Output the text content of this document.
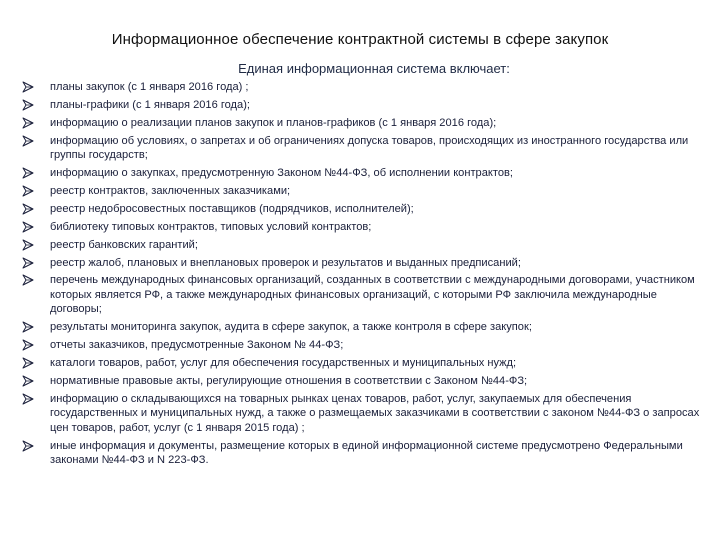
Информационное обеспечение контрактной системы в сфере закупок
Единая информационная система включает:
планы закупок (с 1 января 2016 года) ;
планы-графики (с 1 января 2016 года);
информацию о реализации планов закупок и планов-графиков (с 1 января 2016 года);
информацию об условиях, о запретах и об ограничениях допуска товаров, происходящих из иностранного государства или группы государств;
информацию о закупках, предусмотренную Законом №44-ФЗ, об исполнении контрактов;
реестр контрактов, заключенных заказчиками;
реестр недобросовестных поставщиков (подрядчиков, исполнителей);
библиотеку типовых контрактов, типовых условий контрактов;
реестр банковских гарантий;
реестр жалоб, плановых и внеплановых проверок и результатов и выданных предписаний;
перечень международных финансовых организаций, созданных в соответствии с международными договорами, участником которых является РФ, а также международных финансовых организаций, с которыми РФ заключила международные договоры;
результаты мониторинга закупок, аудита в сфере закупок, а также контроля в сфере закупок;
отчеты заказчиков, предусмотренные Законом № 44-ФЗ;
каталоги товаров, работ, услуг для обеспечения государственных и муниципальных нужд;
нормативные правовые акты, регулирующие отношения в соответствии с Законом №44-ФЗ;
информацию о складывающихся на товарных рынках ценах товаров, работ, услуг, закупаемых для обеспечения государственных и муниципальных нужд, а также о размещаемых заказчиками в соответствии с законом №44-ФЗ о запросах цен товаров, работ, услуг (с 1 января 2015 года) ;
иные информация и документы, размещение которых в единой информационной системе предусмотрено Федеральными законами №44-ФЗ и N 223-ФЗ.
